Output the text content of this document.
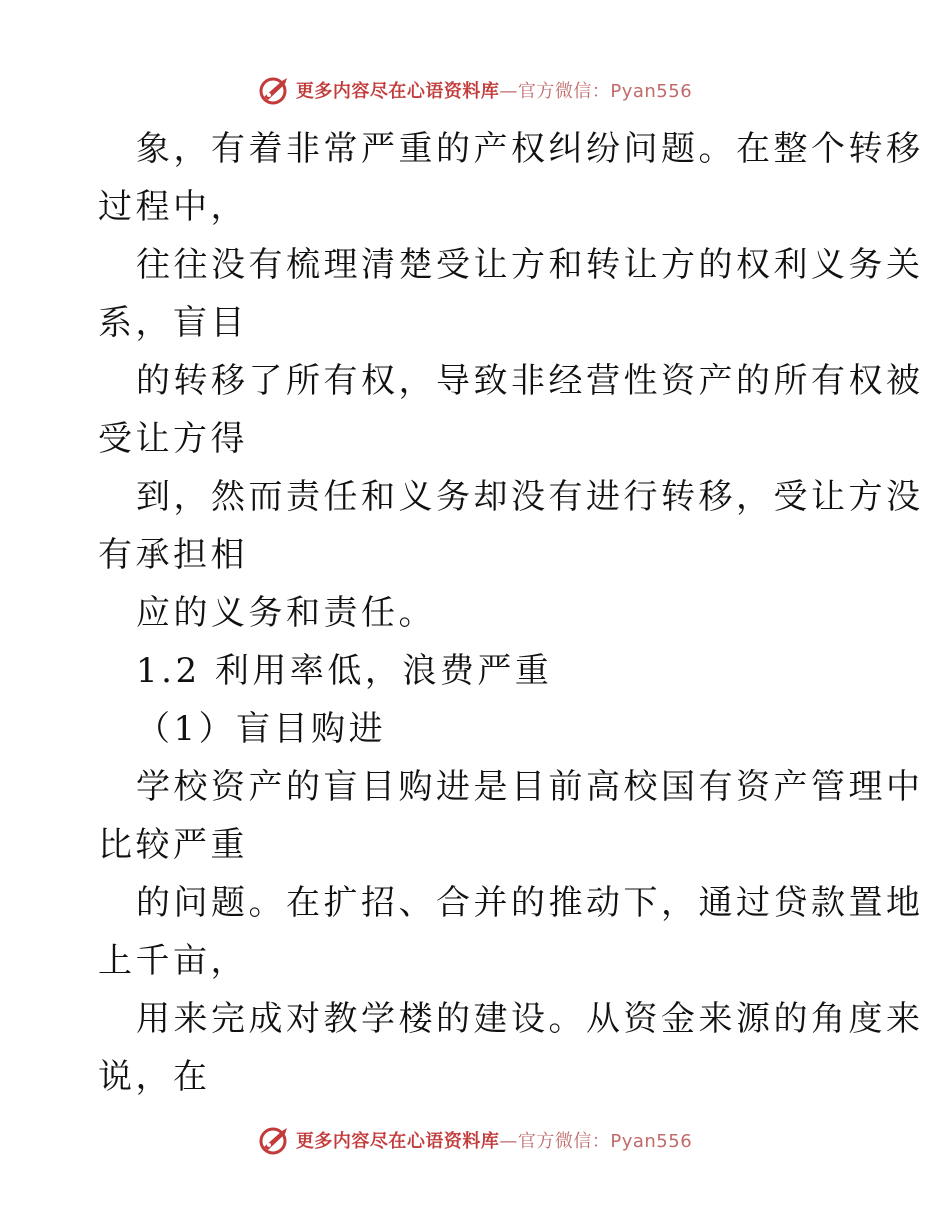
更多内容尽在心语资料库—官方微信：Pyan556

象，有着非常严重的产权纠纷问题。在整个转移

过程中，

往往没有梳理清楚受让方和转让方的权利义务关

系，盲目

的转移了所有权，导致非经营性资产的所有权被

受让方得

到，然而责任和义务却没有进行转移，受让方没

有承担相

应的义务和责任。

1.2 利用率低，浪费严重

（1）盲目购进

学校资产的盲目购进是目前高校国有资产管理中

比较严重

的问题。在扩招、合并的推动下，通过贷款置地

上千亩，

用来完成对教学楼的建设。从资金来源的角度来

说，在

更多内容尽在心语资料库—官方微信：Pyan556
